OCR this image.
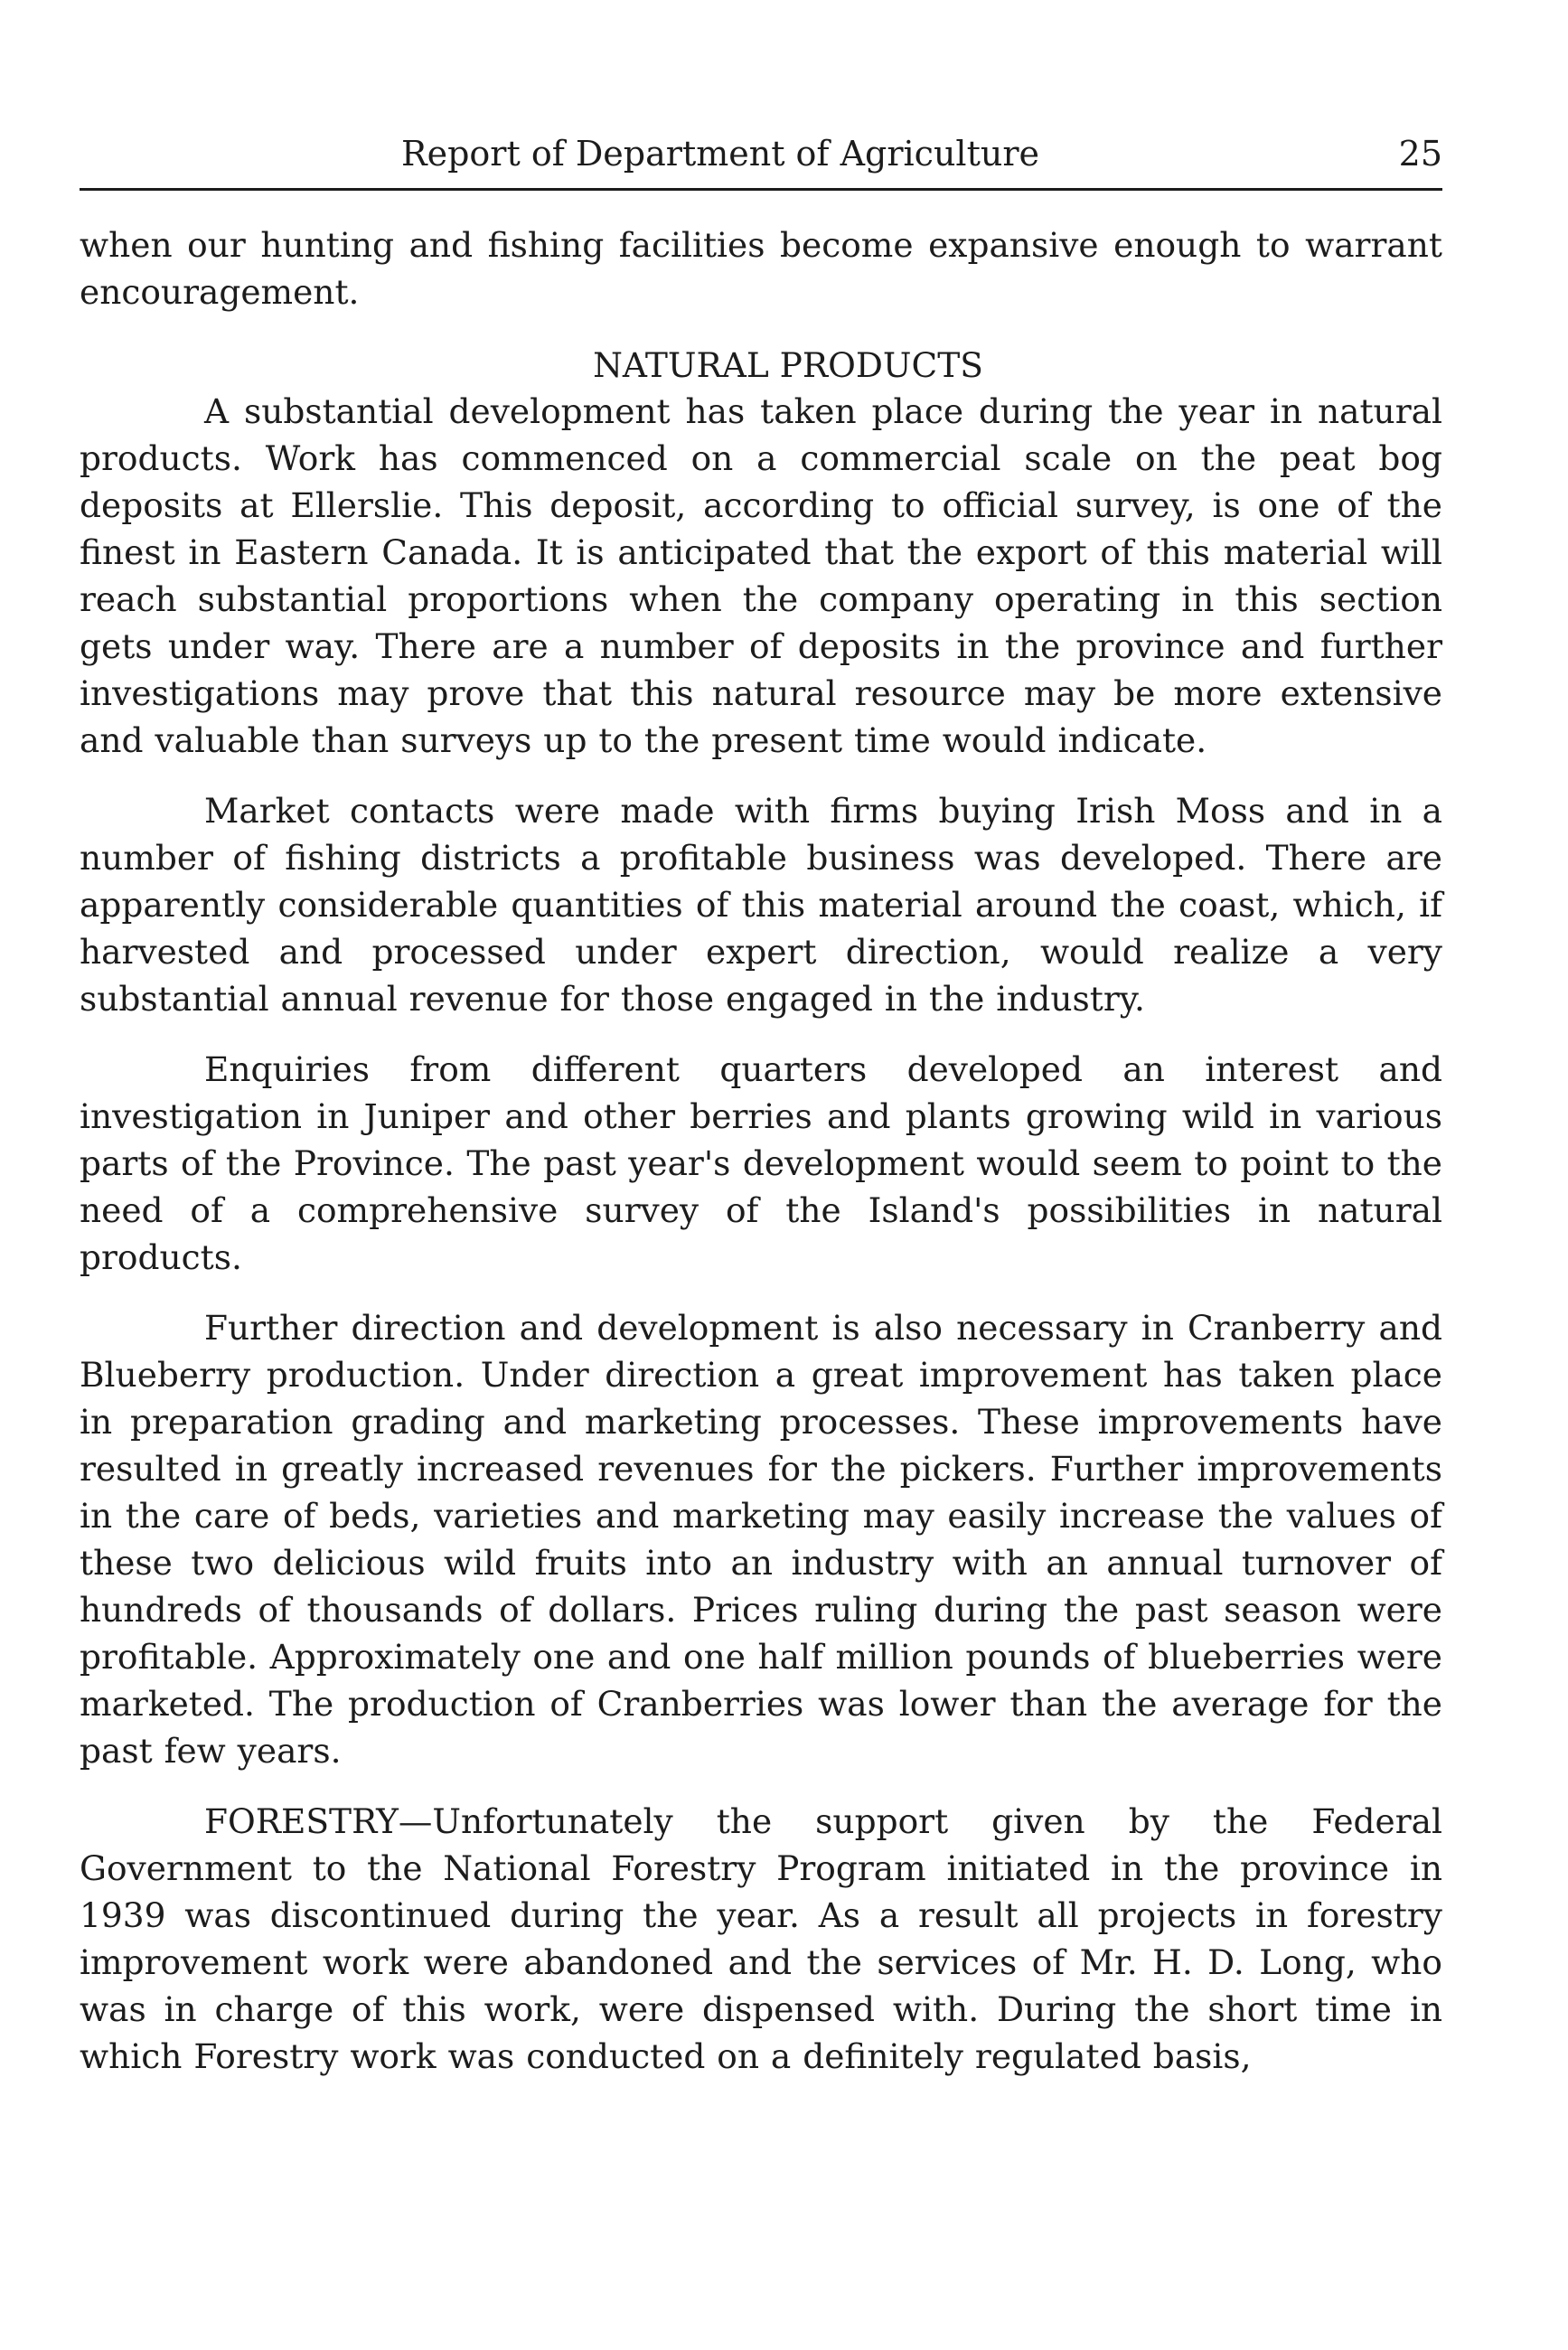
Report of Department of Agriculture	25

when our hunting and fishing facilities become expansive enough to warrant encouragement.

NATURAL PRODUCTS

A substantial development has taken place during the year in natural products. Work has commenced on a commercial scale on the peat bog deposits at Ellerslie. This deposit, according to official survey, is one of the finest in Eastern Canada. It is anticipated that the export of this material will reach substantial proportions when the company operating in this section gets under way. There are a number of deposits in the province and further investigations may prove that this natural resource may be more extensive and valuable than surveys up to the present time would indicate.

Market contacts were made with firms buying Irish Moss and in a number of fishing districts a profitable business was developed. There are apparently considerable quantities of this material around the coast, which, if harvested and processed under expert direction, would realize a very substantial annual revenue for those engaged in the industry.

Enquiries from different quarters developed an interest and investigation in Juniper and other berries and plants growing wild in various parts of the Province. The past year's development would seem to point to the need of a comprehensive survey of the Island's possibilities in natural products.

Further direction and development is also necessary in Cranberry and Blueberry production. Under direction a great improvement has taken place in preparation grading and marketing processes. These improvements have resulted in greatly increased revenues for the pickers. Further improvements in the care of beds, varieties and marketing may easily increase the values of these two delicious wild fruits into an industry with an annual turnover of hundreds of thousands of dollars. Prices ruling during the past season were profitable. Approximately one and one half million pounds of blueberries were marketed. The production of Cranberries was lower than the average for the past few years.

FORESTRY—Unfortunately the support given by the Federal Government to the National Forestry Program initiated in the province in 1939 was discontinued during the year. As a result all projects in forestry improvement work were abandoned and the services of Mr. H. D. Long, who was in charge of this work, were dispensed with. During the short time in which Forestry work was conducted on a definitely regulated basis,
